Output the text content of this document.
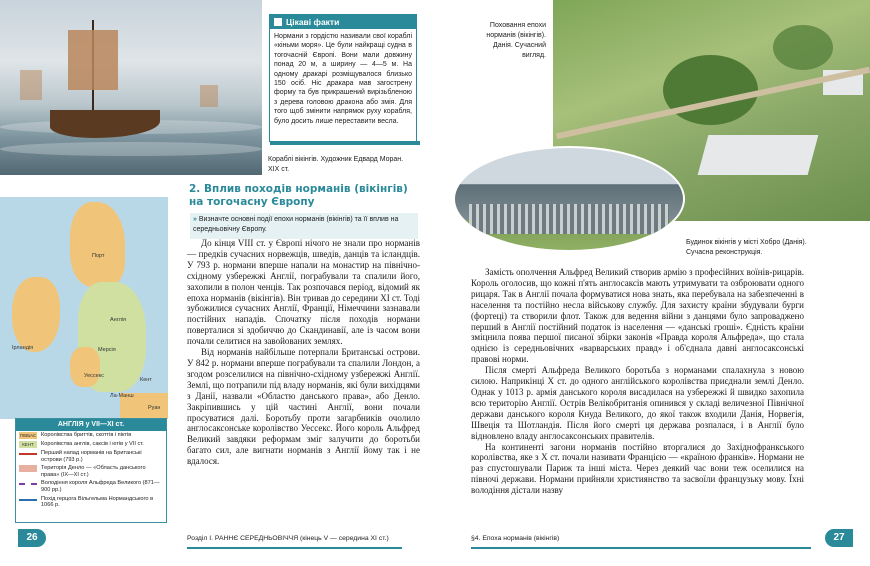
Цікаві факти
Нормани з гордістю називали свої кораблі «кіньми моря». Це були найкращі судна в тогочасній Європі. Вони мали довжину понад 20 м, а ширину — 4—5 м. На одному дракарі розміщувалося близько 150 осіб. Ніс дракара мав загострену форму та був прикрашений вирізьбленою з дерева головою дракона або змія. Для того щоб змінити напрямок руху корабля, було досить лише переставити весла.
Кораблі вікінгів. Художник Едвард Моран. XIX ст.
Порт
Ірландія
Англія
Уессекс
Мерсія
Ла-Манш
Руан
Кент
АНГЛІЯ у VII—XI ст.
ПІВБАС Королівства бриттів, скоттів і піктів
КЕНТ	Королівства англів, саксів і ютів у VII ст.
Перший напад норманів на Британські острови (793 р.)
Територія Денло — «Область данського права» (IX—XI ст.)
Володіння короля Альфреда Великого (871—900 рр.)
Похід герцога Вільгельма Нормандського в 1066 р.
2. Вплив походів норманів (вікінгів) на тогочасну Європу
» Визначте основні події епохи норманів (вікінгів) та її вплив на середньовічну Європу.

До кінця VIII ст. у Європі нічого не знали про норманів — предків сучасних норвежців, шведів, данців та ісландців. У 793 р. нормани вперше напали на монастир на північно-східному узбережжі Англії, пограбували та спалили його, захопили в полон ченців. Так розпочався період, відомий як епоха норманів (вікінгів). Він тривав до середини XI ст. Тоді зубожилися сучасних Англії, Франції, Німеччини зазнавали постійних нападів. Спочатку після походів нормани поверталися зі здобиччю до Скандинавії, але із часом вони почали селитися на завойованих землях.

Від норманів найбільше потерпали Британські острови. У 842 р. нормани вперше пограбували та спалили Лондон, а згодом розселилися на північно-східному узбережжі Англії. Землі, що потрапили під владу норманів, які були вихідцями з Данії, назвали «Областю данського права», або Денло. Закріпившись у цій частині Англії, вони почали просуватися далі. Боротьбу проти загарбників очолило англосаксонське королівство Уессекс. Його король Альфред Великий завдяки реформам зміг залучити до боротьби багато сил, але вигнати норманів з Англії йому так і не вдалося.

Поховання епохи норманів (вікінгів). Данія. Сучасний вигляд.
Будинок вікінгів у місті Хобро (Данія). Сучасна реконструкція.

Замість ополчення Альфред Великий створив армію з професійних воїнів-рицарів. Король оголосив, що кожні п'ять англосаксів мають утримувати та озброювати одного рицаря. Так в Англії почала формуватися нова знать, яка перебувала на забезпеченні в населення та постійно несла військову службу. Для захисту країни збудували бурги (фортеці) та створили флот. Також для ведення війни з данцями було запроваджено перший в Англії постійний податок із населення — «данські гроші». Єдність країни зміцнила поява першої писаної збірки законів «Правда короля Альфреда», що стала однією із середньовічних «варварських правд» і об'єднала давні англосаксонські правові норми.

Після смерті Альфреда Великого боротьба з норманами спалахнула з новою силою. Наприкінці X ст. до одного англійського королівства приєднали землі Денло. Однак у 1013 р. армія данського короля висадилася на узбережжі й швидко захопила всю територію Англії. Острів Велікобританія опинився у складі величезної Північної держави данського короля Кнуда Великого, до якої також входили Данія, Норвегія, Швеція та Шотландія. Після його смерті ця держава розпалася, і в Англії було відновлено владу англосаксонських правителів.

На континенті загони норманів постійно вторгалися до Західнофранкського королівства, яке з X ст. почали називати Францією — «країною франків». Нормани не раз спустошували Париж та інші міста. Через деякий час вони теж оселилися на півночі держави. Нормани прийняли християнство та засвоїли французьку мову. Їхні володіння дістали назву

26	Розділ I. РАННЄ СЕРЕДНЬОВІЧЧЯ (кінець V — середина XI ст.)	§4. Епоха норманів (вікінгів)	27
